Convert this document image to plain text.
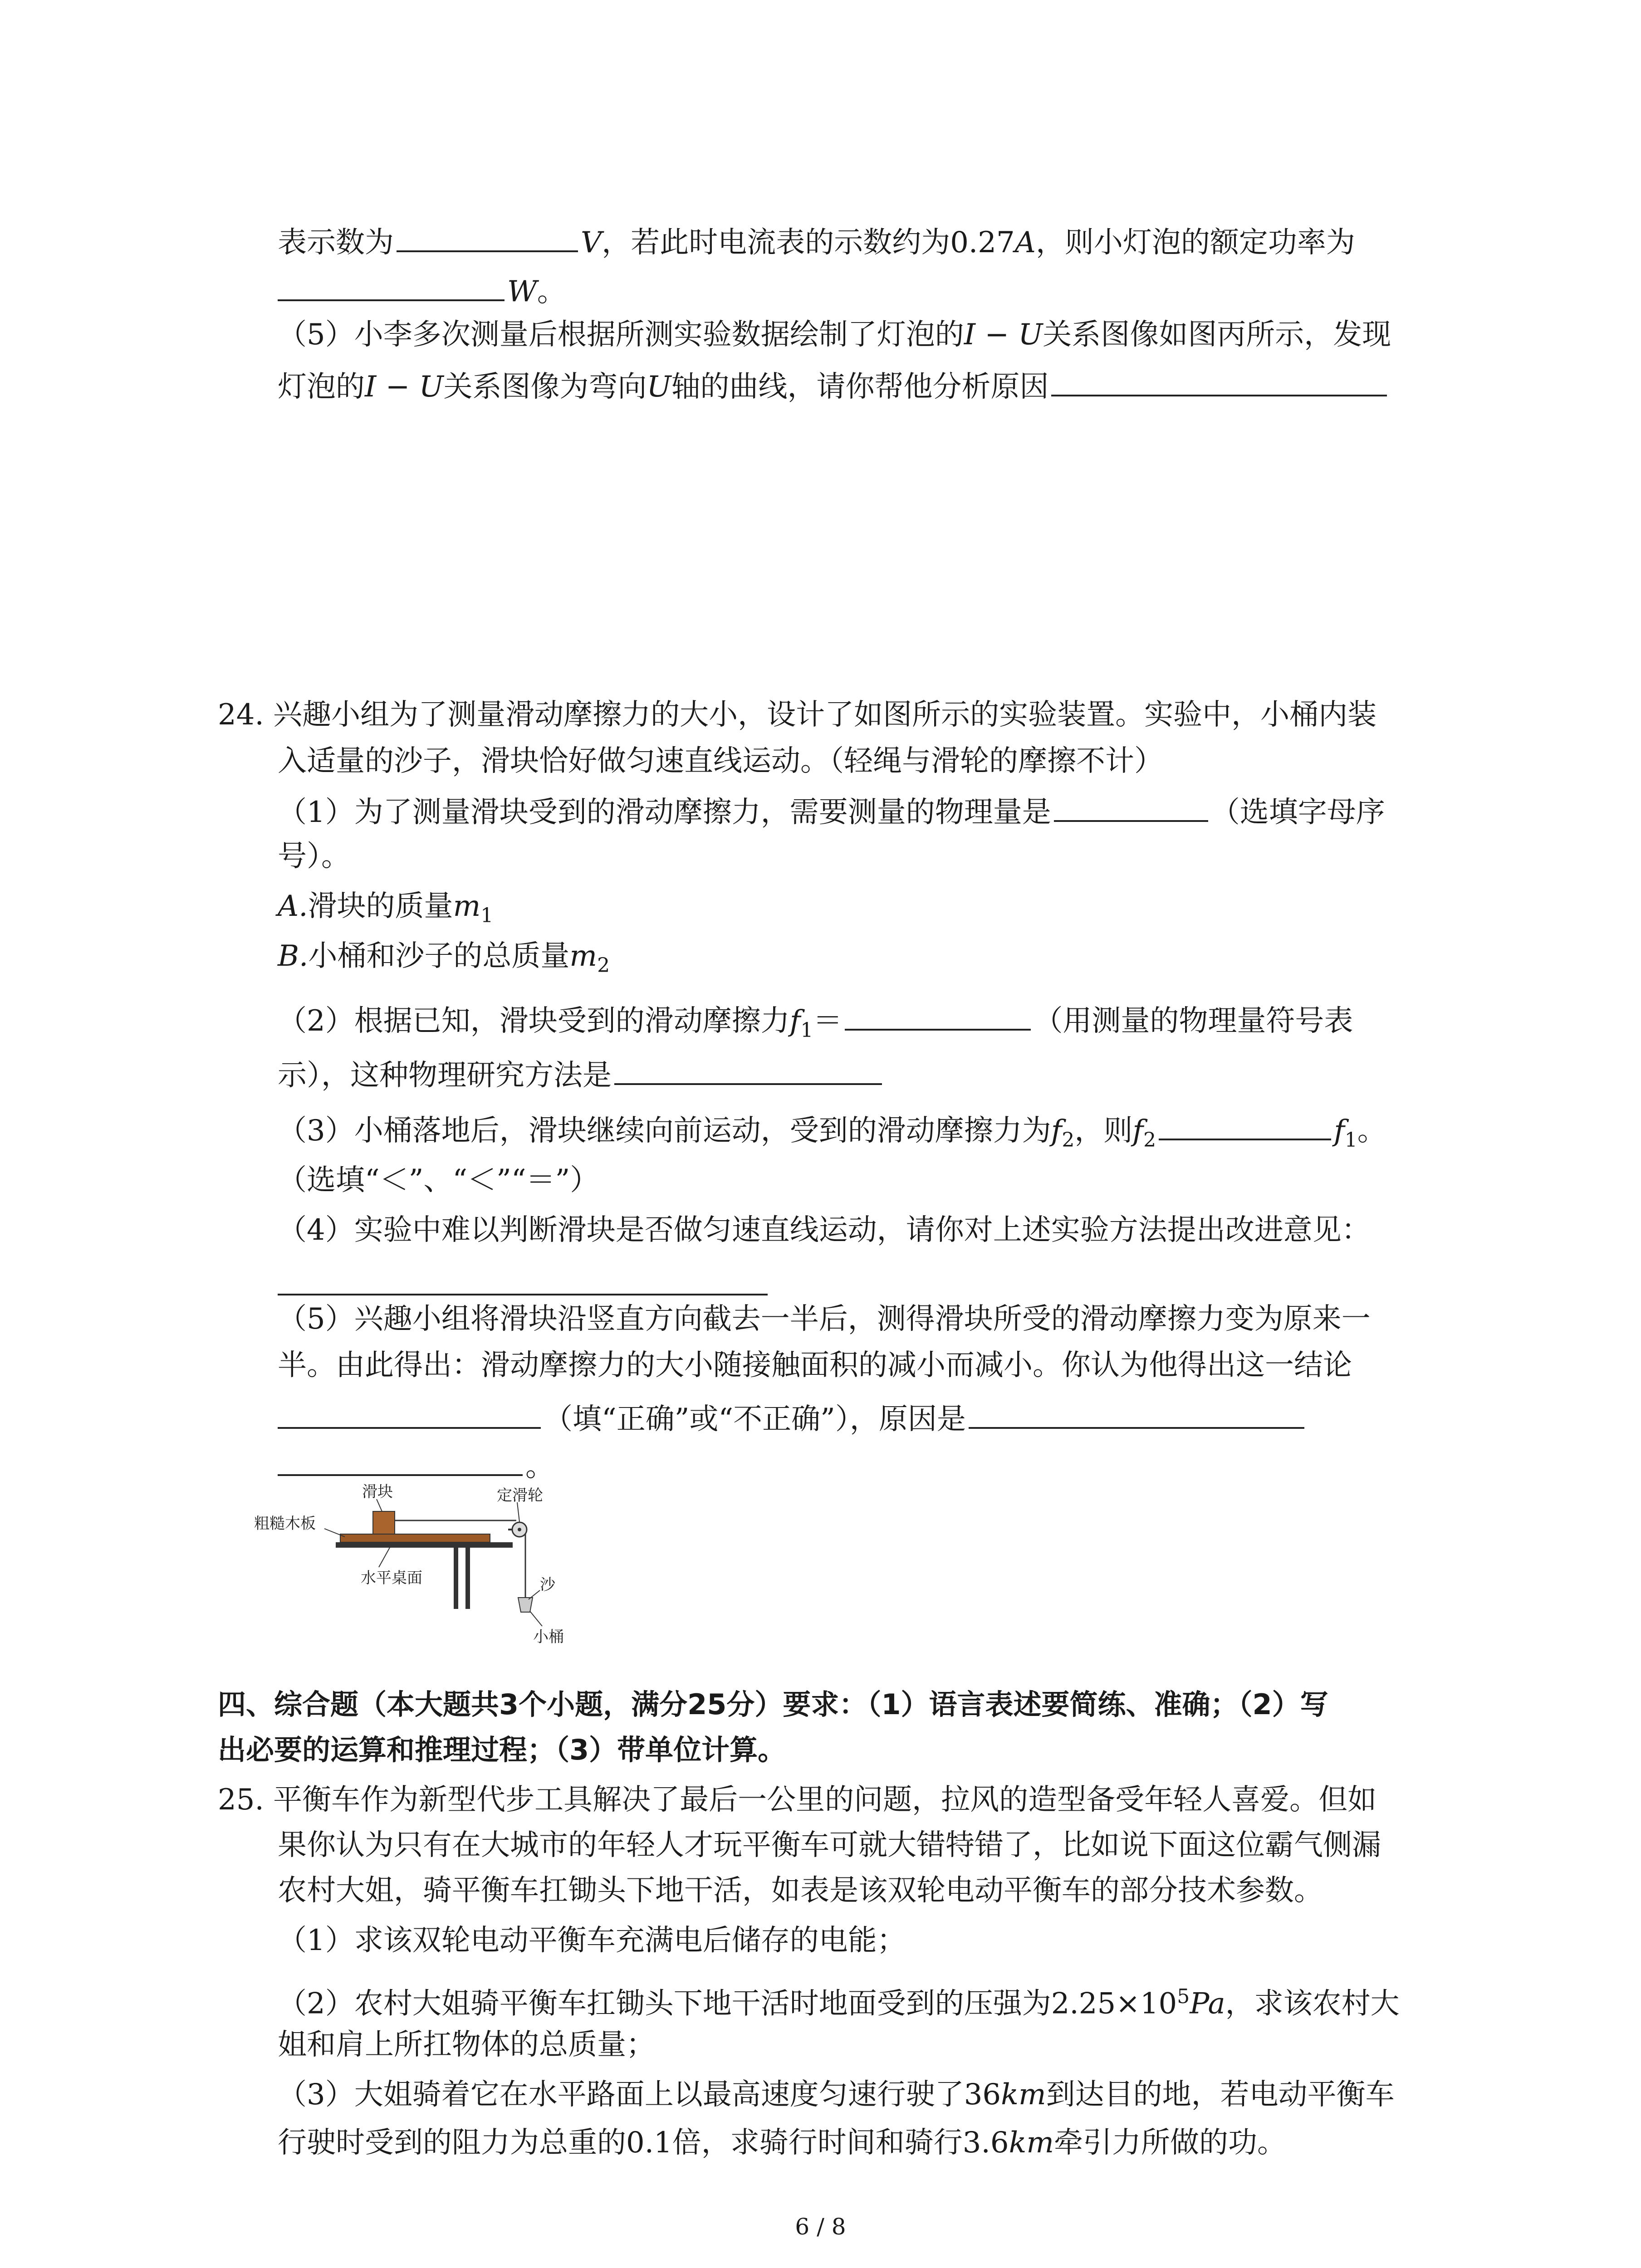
表示数为	V，若此时电流表的示数约为0.27A，则小灯泡的额定功率为
W。
（5）小李多次测量后根据所测实验数据绘制了灯泡的I − U关系图像如图丙所示，发现
灯泡的I − U关系图像为弯向U轴的曲线，请你帮他分析原因
24. 兴趣小组为了测量滑动摩擦力的大小，设计了如图所示的实验装置。实验中，小桶内装
入适量的沙子，滑块恰好做匀速直线运动。（轻绳与滑轮的摩擦不计）
（1）为了测量滑块受到的滑动摩擦力，需要测量的物理量是	（选填字母序
号）。
A.滑块的质量$m_1$
B.小桶和沙子的总质量$m_2$
（2）根据已知，滑块受到的滑动摩擦力$f_1=$	（用测量的物理量符号表
示），这种物理研究方法是
（3）小桶落地后，滑块继续向前运动，受到的滑动摩擦力为$f_2$，则$f_2$	$f_1$。
（选填“＜”、“＜”“＝”）
（4）实验中难以判断滑块是否做匀速直线运动，请你对上述实验方法提出改进意见：
（5）兴趣小组将滑块沿竖直方向截去一半后，测得滑块所受的滑动摩擦力变为原来一
半。由此得出：滑动摩擦力的大小随接触面积的减小而减小。你认为他得出这一结论
（填“正确”或“不正确”），原因是
。
滑块	定滑轮
粗糙木板
水平桌面	沙
小桶
四、综合题（本大题共3个小题，满分25分）要求：（1）语言表述要简练、准确；（2）写
出必要的运算和推理过程；（3）带单位计算。
25. 平衡车作为新型代步工具解决了最后一公里的问题，拉风的造型备受年轻人喜爱。但如
果你认为只有在大城市的年轻人才玩平衡车可就大错特错了，比如说下面这位霸气侧漏
农村大姐，骑平衡车扛锄头下地干活，如表是该双轮电动平衡车的部分技术参数。
（1）求该双轮电动平衡车充满电后储存的电能；
（2）农村大姐骑平衡车扛锄头下地干活时地面受到的压强为$2.25\times 10^5Pa$，求该农村大
姐和肩上所扛物体的总质量；
（3）大姐骑着它在水平路面上以最高速度匀速行驶了36km到达目的地，若电动平衡车
行驶时受到的阻力为总重的0.1倍，求骑行时间和骑行3.6km牵引力所做的功。
6 / 8
